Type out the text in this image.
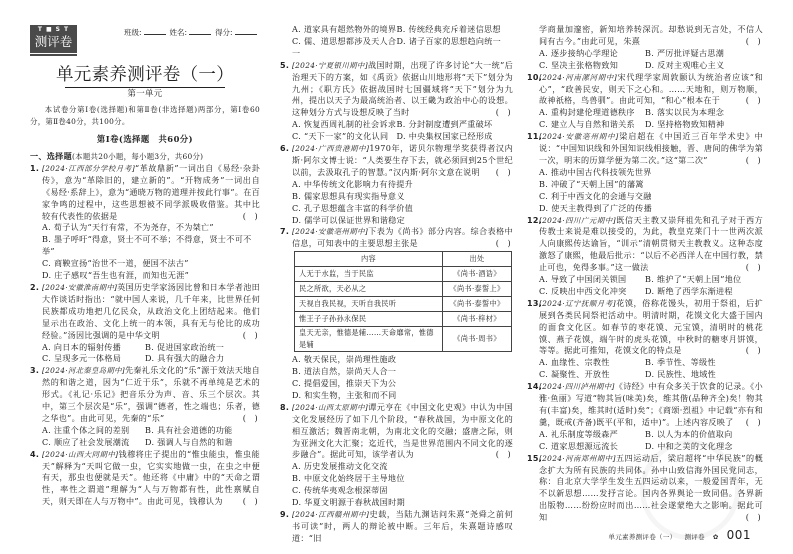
T■ST
测评卷
班级:	姓名:	得分:
单元素养测评卷（一）
第一单元
本试卷分第Ⅰ卷(选择题)和第Ⅱ卷(非选择题)两部分，第Ⅰ卷60分，第Ⅱ卷40分，共100分。
第Ⅰ卷(选择题　共60分)
一、选择题(本题共20小题，每小题3分，共60分)
1. [2024·江西部分学校月考]“革故鼎新”一词出自《易经·杂卦传》，意为“革除旧的，建立新的”。“开物成务”一词出自《易经·系辞上》，意为“通晓万物的道理并按此行事”。在百家争鸣的过程中，这些思想被不同学派吸收借鉴。其中比较有代表性的依据是	(　)
A. 荀子认为“天行有常，不为尧存，不为桀亡”
B. 墨子呼吁“得意，贤士不可不举；不得意，贤士不可不举”
C. 商鞅宣扬“治世不一道，便国不法古”
D. 庄子感叹“吾生也有涯，而知也无涯”
2. [2024·安徽淮南期中]英国历史学家汤因比曾和日本学者池田大作谈话时指出：“就中国人来说，几千年来，比世界任何民族都成功地把几亿民众，从政治文化上团结起来。他们显示出在政治、文化上统一的本领，具有无与伦比的成功经验。”汤因比强调的是中华文明	(　)
A. 向日本的辐射传播	B. 促进国家政治统一
C. 呈现多元一体格局	D. 具有强大的融合力
3. [2024·河北秦皇岛期中]先秦礼乐文化的“乐”源于效法天地自然的和谐之道，因为“仁近于乐”，乐就不再单纯是艺术的形式。《礼记·乐记》把音乐分为声、音、乐三个层次。其中，第三个层次是“乐”，强调“德者，性之端也；乐者，德之华也”。由此可见，先秦的“乐”	(　)
A. 注重个体之间的差别	B. 具有社会道德的功能
C. 顺应了社会发展潮流	D. 强调人与自然的和谐
4. [2024·山西大同期中]钱穆将庄子提出的“惟虫能虫，惟虫能天”解释为“天叫它做一虫，它实实地做一虫，在虫之中便有天，那虫也便就是天”。他还将《中庸》中的“天命之谓性，率性之谓道”理解为“人与万物都有性，此性禀赋自天，则天即在人与万物中”。由此可见，钱穆认为 (　)
A. 道家具有超然物外的境界 B. 传统经典充斥着迷信思想
C. 儒、道思想都涉及天人合一
D. 诸子百家的思想趋向统一
5. [2024·宁夏银川期中]战国时期，出现了许多讨论“大一统”后治理天下的方案，如《禹贡》依据山川地形将“天下”划分为九州；《职方氏》依据战国时七国疆域将“天下”划分为九州，提出以天子为最高统治者、以王畿为政治中心的设想。这种划分方式与设想反映了当时	(　)
A. 恢复西周礼制的社会诉求 B. 分封制度遭到严重破坏
C. “天下一家”的文化认同	D. 中央集权国家已经形成
6. [2024·广西贵港期中]1970年，诺贝尔物理学奖获得者汉内斯·阿尔文博士说：“人类要生存下去，就必须回到25个世纪以前，去汲取孔子的智慧。”汉内斯·阿尔文意在说明 (　)
A. 中华传统文化影响力有待提升
B. 儒家思想具有现实指导意义
C. 孔子思想蕴含丰富的科学价值
D. 儒学可以保证世界和谐稳定
7. [2024·安徽亳州期中]下表为《尚书》部分内容。综合表格中信息，可知表中的主要思想主张是	(　)
内容	出处
人无于水监，当于民监	《尚书·酒诰》
民之所欲，天必从之	《尚书·泰誓上》
天视自我民视，天听自我民听	《尚书·泰誓中》
惟王子子孙孙永保民	《尚书·梓材》
皇天无亲，惟德是辅……天命靡常，惟德是辅	《尚书·周书》
A. 敬天保民，崇尚理性施政
B. 道法自然，崇尚天人合一
C. 提倡爱国，推崇天下为公
D. 和实生物，主张和而不同
8. [2024·山西太原期中]谭元亨在《中国文化史观》中认为中国文化发展经历了如下几个阶段，“春秋战国，为中原文化的相互激活；魏晋南北朝，为南北文化的交融；盛唐之际，则为亚洲文化大汇聚；迄近代，当是世界范围内不同文化的逐步融合”。据此可知，该学者认为	(　)
A. 历史发展推动文化交流
B. 中原文化始终居于主导地位
C. 传统华夷观念根深蒂固
D. 华夏文明源于春秋战国时期
9. [2024·江西赣州期中]史载，当陆九渊诘问朱熹“尧舜之前何书可读”时，两人的辩论被中断。三年后，朱熹题诗感叹道：“旧
学商量加邃密，新知培养转深沉。却愁说到无言处，不信人间有古今。”由此可见，朱熹	(　)
A. 逐步接纳心学理论	B. 严厉批评疑古思潮
C. 坚决主张格物致知	D. 反对主观唯心主义
10.[2024·河南漯河期中]宋代理学家周敦颐认为统治者应该“和心”，“政善民安，则天下之心和。……天地和，则万物顺，故神祇格，鸟兽驯”。由此可知，“和心”根本在于	(　)
A. 重构封建伦理道德秩序	B. 落实以民为本理念
C. 建立人与自然和谐关系	D. 坚持格物致知精神
11.[2024·安徽亳州期中]梁启超在《中国近三百年学术史》中说：“中国知识线和外国知识线相接触，晋、唐间的佛学为第一次，明末的历算学便为第二次。”这“第二次”	(　)
A. 推动中国古代科技领先世界
B. 冲破了“天朝上国”的藩篱
C. 利于中西文化的会通与交融
D. 使天主教得到了广泛的传播
12.[2024·四川广元期中]既信天主教又崇拜祖先和孔子对于西方传教士来说是难以接受的，为此，教皇克莱门十一世两次派人向康熙传达谕旨，“训示”清朝贯彻天主教教义。这种态度激怒了康熙，他最后批示：“以后不必西洋人在中国行教，禁止可也，免得多事。”这一做法	(　)
A. 导致了中国闭关锁国	B. 维护了“天朝上国”地位
C. 反映出中西文化冲突	D. 断绝了西学东渐进程
13.[2024·辽宁抚顺月考]花馍，俗称花馒头，初用于祭祖，后扩展到各类民间祭祀活动中。明清时期，花馍文化大盛于国内的面食文化区。如春节的枣花馍、元宝馍，清明时的桃花馍、燕子花馍，端午时的虎头花馍，中秋时的糖枣月饼馍，等等。据此可推知，花馍文化的特点是	(　)
A. 血缘性、宗教性	B. 季节性、等级性
C. 凝聚性、开放性	D. 民族性、地域性
14.[2024·四川泸州期中]《诗经》中有众多关于饮食的记录。《小雅·鱼丽》写道“物其旨(味美)矣，维其偕(品种齐全)矣！物其有(丰富)矣，维其时(适时)矣”；《商颂·烈祖》中记载“亦有和羹，既戒(齐备)既平(平和，适中)”。上述内容反映了 (　)
A. 礼乐制度等级森严	B. 以人为本的价值取向
C. 道家思想源远流长	D. 中和之美的文化理念
15.[2024·河南郑州期中]五四运动后，梁启超将“中华民族”的概念扩大为所有民族的共同体。孙中山致信海外国民党同志，称：自北京大学学生发生五四运动以来，一般爱国青年，无不以新思想……发抒言论。国内各界舆论一致同倡。各界新出版物……纷纷应时而出……社会遂蒙绝大之影响。据此可知	(　)
单元素养测评卷（一） 测评卷 ✿ 001
